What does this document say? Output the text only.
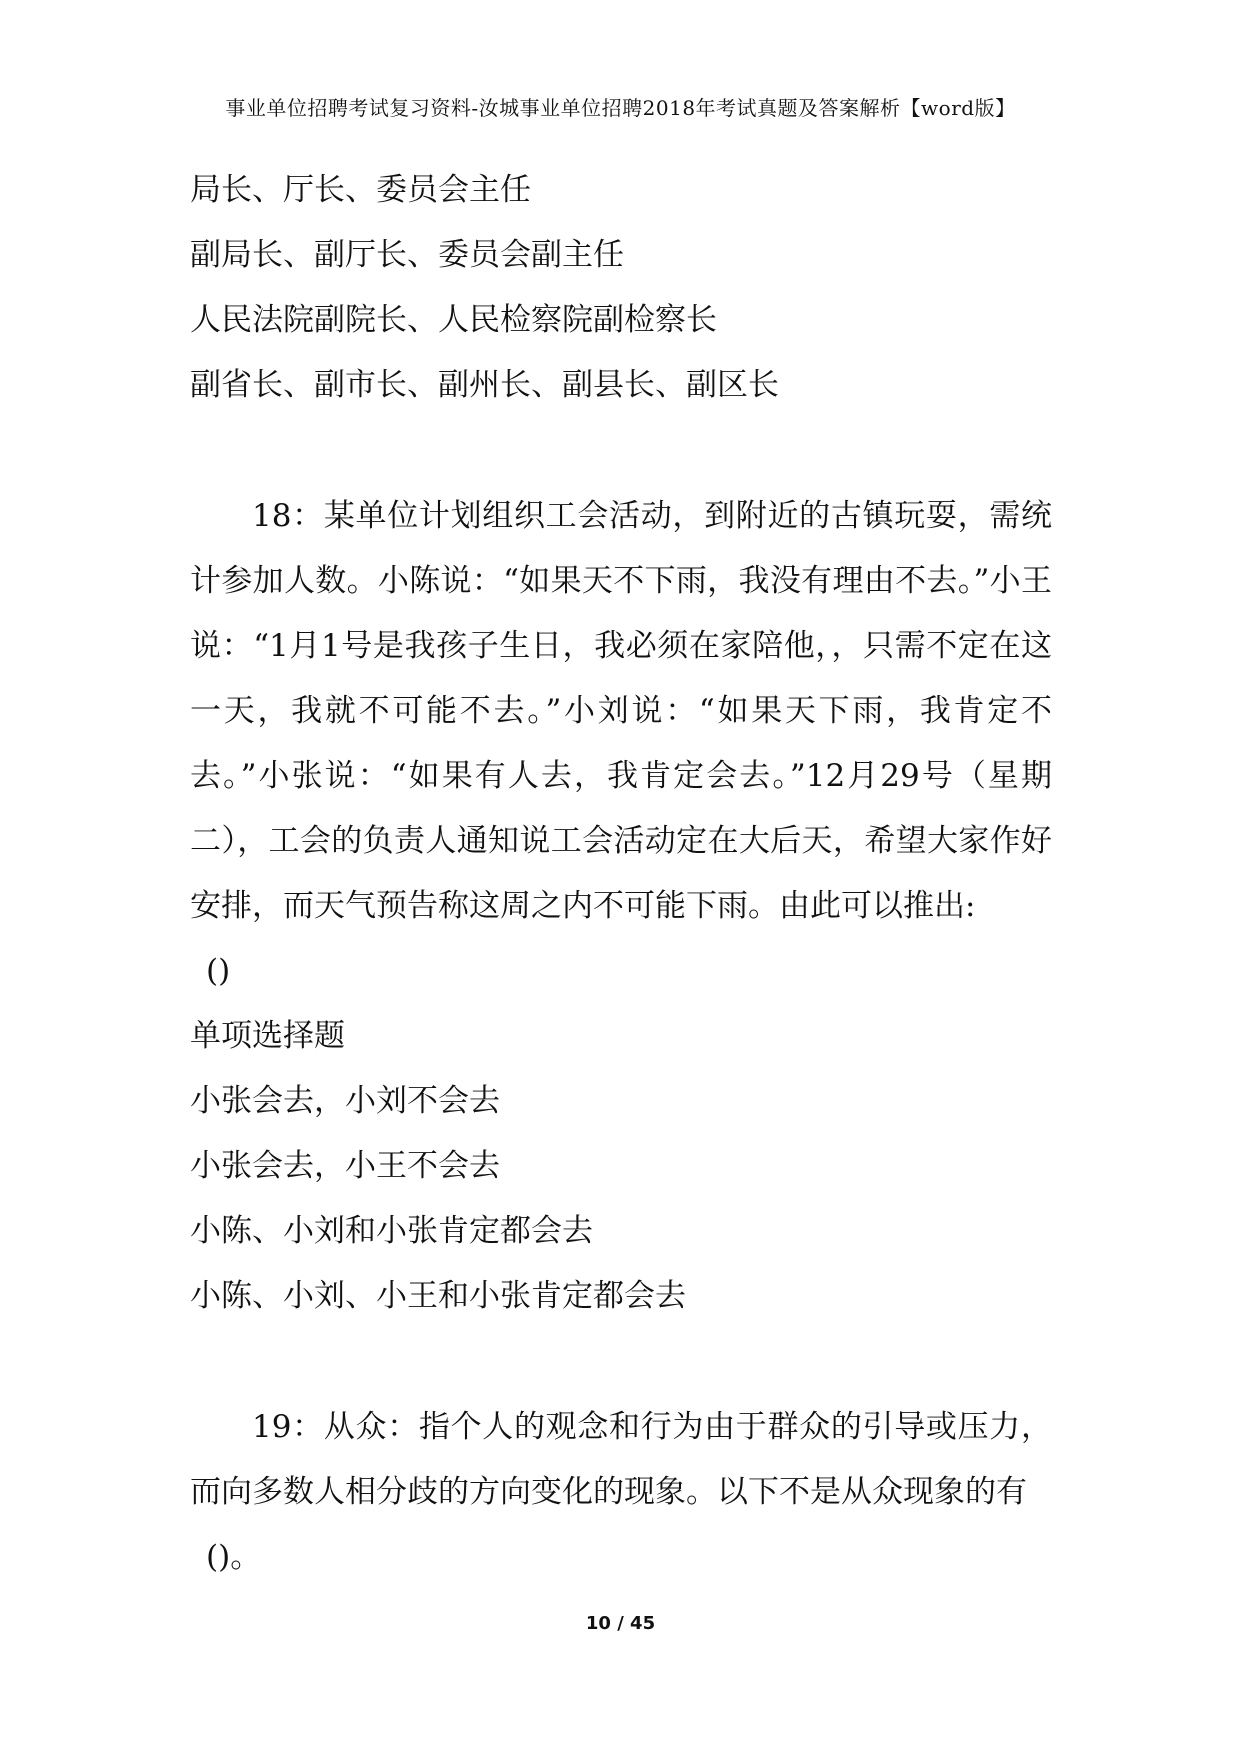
事业单位招聘考试复习资料-汝城事业单位招聘2018年考试真题及答案解析【word版】
局长、厅长、委员会主任
副局长、副厅长、委员会副主任
人民法院副院长、人民检察院副检察长
副省长、副市长、副州长、副县长、副区长
18：某单位计划组织工会活动，到附近的古镇玩耍，需统计参加人数。小陈说：“如果天不下雨，我没有理由不去。”小王说：“1月1号是我孩子生日，我必须在家陪他，，只需不定在这一天，我就不可能不去。”小刘说：“如果天下雨，我肯定不去。”小张说：“如果有人去，我肯定会去。”12月29号（星期二），工会的负责人通知说工会活动定在大后天，希望大家作好安排，而天气预告称这周之内不可能下雨。由此可以推出:
()
单项选择题
小张会去，小刘不会去
小张会去，小王不会去
小陈、小刘和小张肯定都会去
小陈、小刘、小王和小张肯定都会去
19：从众：指个人的观念和行为由于群众的引导或压力，而向多数人相分歧的方向变化的现象。以下不是从众现象的有
()。
10 / 45
